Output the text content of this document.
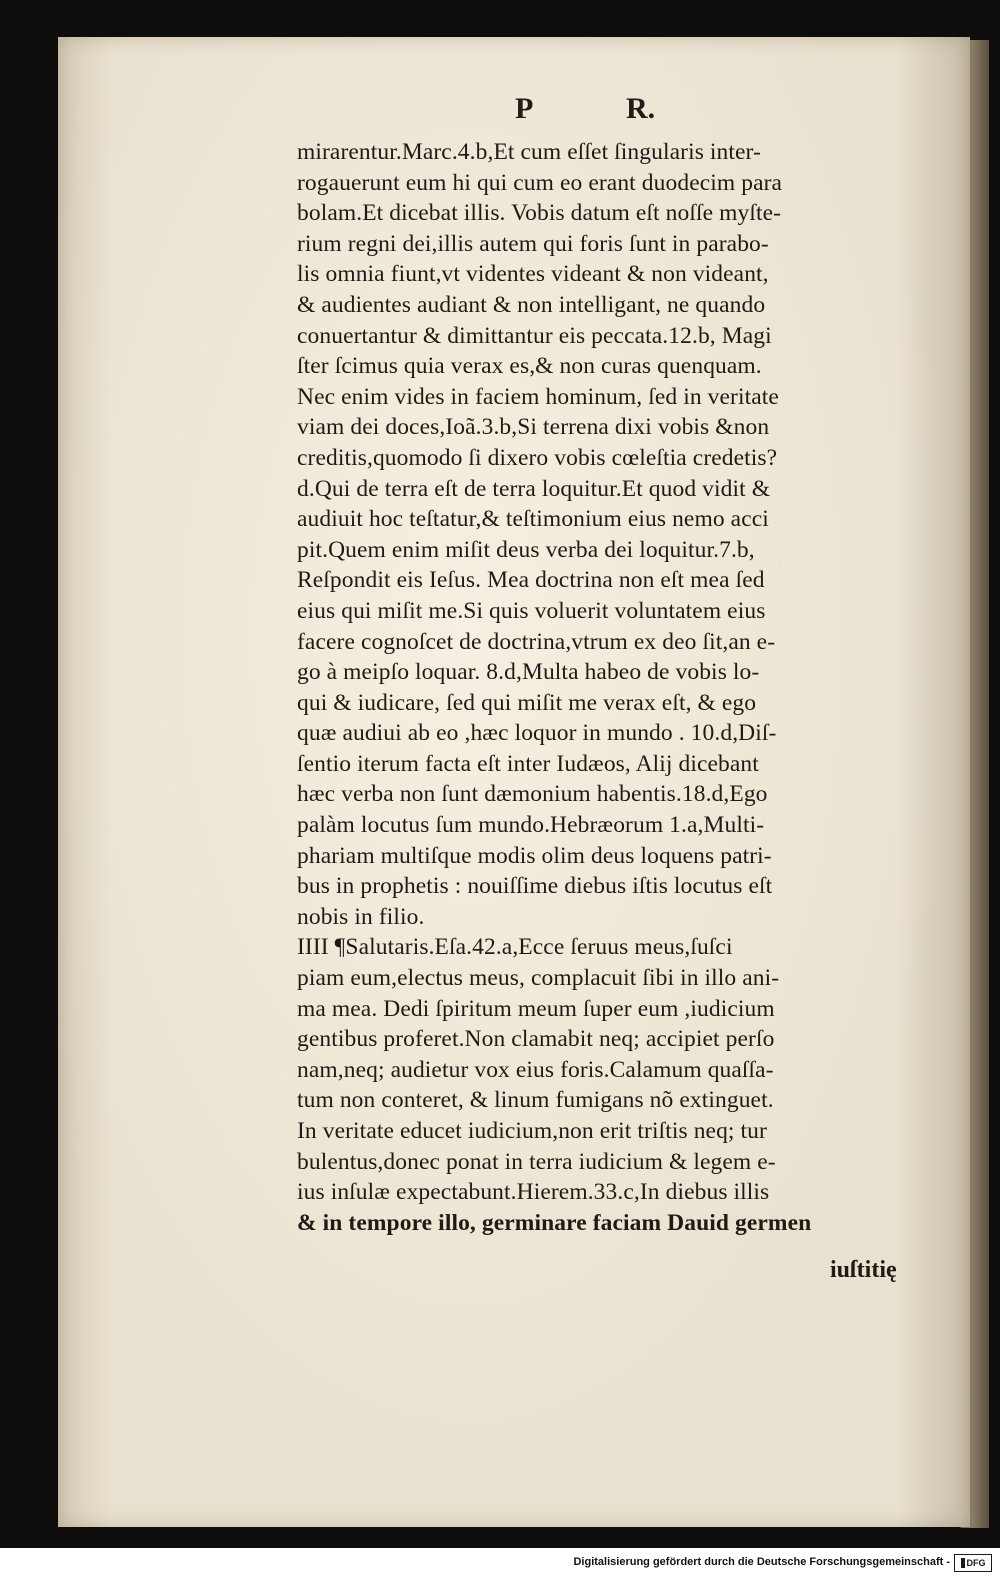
P	R.
mirarentur.Marc.4.b,Et cum eſſet ſingularis inter-
rogauerunt eum hi qui cum eo erant duodecim para
bolam.Et dicebat illis. Vobis datum eſt noſſe myſte-
rium regni dei,illis autem qui foris ſunt in parabo-
lis omnia fiunt,vt videntes videant & non videant,
& audientes audiant & non intelligant, ne quando
conuertantur & dimittantur eis peccata.12.b, Magi
ſter ſcimus quia verax es,& non curas quenquam.
Nec enim vides in faciem hominum, ſed in veritate
viam dei doces,Ioã.3.b,Si terrena dixi vobis &non
creditis,quomodo ſi dixero vobis cœleſtia credetis?
d.Qui de terra eſt de terra loquitur.Et quod vidit &
audiuit hoc teſtatur,& teſtimonium eius nemo acci
pit.Quem enim miſit deus verba dei loquitur.7.b,
Reſpondit eis Ieſus. Mea doctrina non eſt mea ſed
eius qui miſit me.Si quis voluerit voluntatem eius
facere cognoſcet de doctrina,vtrum ex deo ſit,an e-
go à meipſo loquar. 8.d,Multa habeo de vobis lo-
qui & iudicare, ſed qui miſit me verax eſt, & ego
quæ audiui ab eo ,hæc loquor in mundo . 10.d,Diſ-
ſentio iterum facta eſt inter Iudæos, Alij dicebant
hæc verba non ſunt dæmonium habentis.18.d,Ego
palàm locutus ſum mundo.Hebræorum 1.a,Multi-
phariam multiſque modis olim deus loquens patri-
bus in prophetis : nouiſſime diebus iſtis locutus eſt
nobis in filio.
IIII ¶Salutaris.Eſa.42.a,Ecce ſeruus meus,ſuſci
piam eum,electus meus, complacuit ſibi in illo ani-
ma mea. Dedi ſpiritum meum ſuper eum ,iudicium
gentibus proferet.Non clamabit neq; accipiet perſo
nam,neq; audietur vox eius foris.Calamum quaſſa-
tum non conteret, & linum fumigans nõ extinguet.
In veritate educet iudicium,non erit triſtis neq; tur
bulentus,donec ponat in terra iudicium & legem e-
ius inſulæ expectabunt.Hierem.33.c,In diebus illis
& in tempore illo, germinare faciam Dauid germen
iuſtitię
Digitalisierung gefördert durch die Deutsche Forschungsgemeinschaft - DFG
